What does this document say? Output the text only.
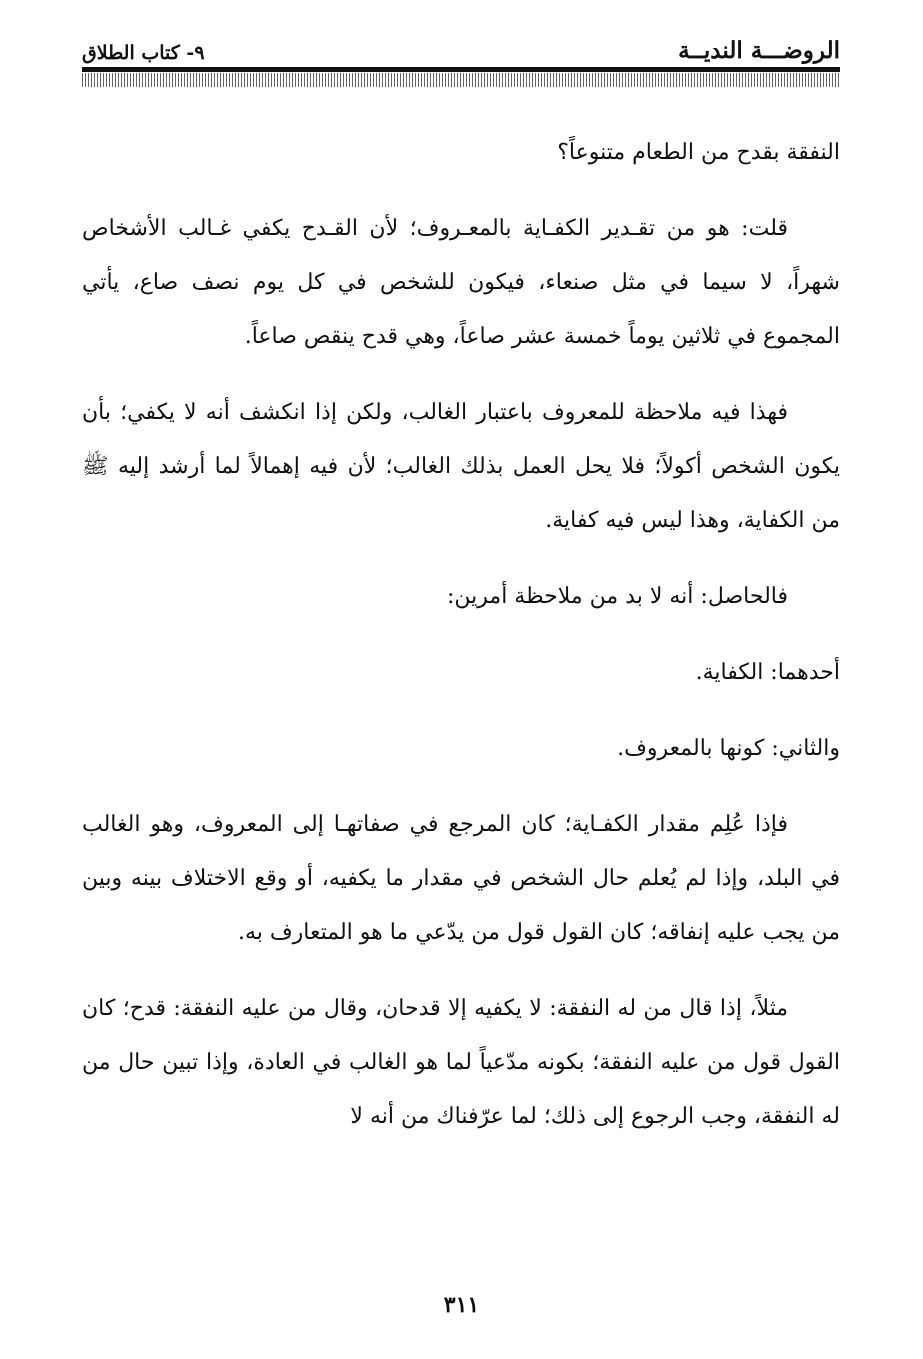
الروضـــة النديــة
٩- كتاب الطلاق

النفقة بقدح من الطعام متنوعاً؟

قلت: هو من تقـدير الكفـاية بالمعـروف؛ لأن القـدح يكفي غـالب الأشخاص شهراً، لا سيما في مثل صنعاء، فيكون للشخص في كل يوم نصف صاع، يأتي المجموع في ثلاثين يوماً خمسة عشر صاعاً، وهي قدح ينقص صاعاً.

فهذا فيه ملاحظة للمعروف باعتبار الغالب، ولكن إذا انكشف أنه لا يكفي؛ بأن يكون الشخص أكولاً؛ فلا يحل العمل بذلك الغالب؛ لأن فيه إهمالاً لما أرشد إليه ﷺ من الكفاية، وهذا ليس فيه كفاية.

فالحاصل: أنه لا بد من ملاحظة أمرين:

أحدهما: الكفاية.

والثاني: كونها بالمعروف.

فإذا عُلِم مقدار الكفـاية؛ كان المرجع في صفاتهـا إلى المعروف، وهو الغالب في البلد، وإذا لم يُعلم حال الشخص في مقدار ما يكفيه، أو وقع الاختلاف بينه وبين من يجب عليه إنفاقه؛ كان القول قول من يدّعي ما هو المتعارف به.

مثلاً، إذا قال من له النفقة: لا يكفيه إلا قدحان، وقال من عليه النفقة: قدح؛ كان القول قول من عليه النفقة؛ بكونه مدّعياً لما هو الغالب في العادة، وإذا تبين حال من له النفقة، وجب الرجوع إلى ذلك؛ لما عرّفناك من أنه لا

٣١١
